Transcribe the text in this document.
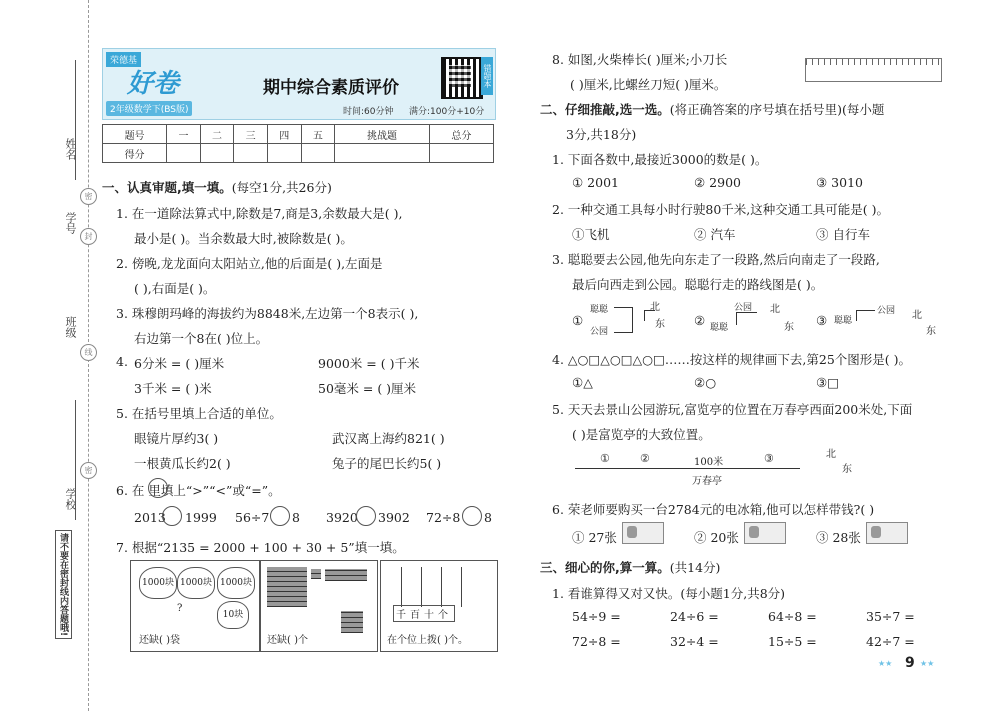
姓名
学号
班级
学校
密
封
线
密
请不要在密封线内答题哦!
荣德基
好卷
2年级数学下(BS版)
期中综合素质评价
时间:60分钟 满分:100分+10分
错题本
题号	一	二	三	四	五	挑战题	总分
得分							
一、认真审题,填一填。(每空1分,共26分)
1. 在一道除法算式中,除数是7,商是3,余数最大是( ),
最小是( )。当余数最大时,被除数是( )。
2. 傍晚,龙龙面向太阳站立,他的后面是( ),左面是
( ),右面是( )。
3. 珠穆朗玛峰的海拔约为8848米,左边第一个8表示( ),
右边第一个8在( )位上。
4. 6分米 = ( )厘米	9000米 = ( )千米
3千米 = ( )米	50毫米 = ( )厘米
5. 在括号里填上合适的单位。
眼镜片厚约3( )	武汉离上海约821( )
一根黄瓜长约2( )	兔子的尾巴长约5( )
6. 在 里填上“>”“<”或“=”。
2013 1999 56÷7 8 3920 3902 72÷8 8
7. 根据“2135 = 2000 + 100 + 30 + 5”填一填。
1000块 1000块 1000块
?
10块
还缺( )袋	还缺( )个
千百十个
在个位上拨( )个。
8. 如图,火柴棒长( )厘米;小刀长
( )厘米,比螺丝刀短( )厘米。
二、仔细推敲,选一选。(将正确答案的序号填在括号里)(每小题
3分,共18分)
1. 下面各数中,最接近3000的数是( )。
① 2001	② 2900	③ 3010
2. 一种交通工具每小时行驶80千米,这种交通工具可能是( )。
①飞机	② 汽车	③ 自行车
3. 聪聪要去公园,他先向东走了一段路,然后向南走了一段路,
最后向西走到公园。聪聪行走的路线图是( )。
①
聪聪
公园
北
东 ②
公园
聪聪
北
东 ③ 聪聪
公园 北
东
4. △○□△○□△○□……按这样的规律画下去,第25个图形是( )。
①△	②○	③□
5. 天天去景山公园游玩,富览亭的位置在万春亭西面200米处,下面
( )是富览亭的大致位置。
①	②	③
100米
万春亭
北
东
6. 荣老师要购买一台2784元的电冰箱,他可以怎样带钱?( )
① 27张	② 20张	③ 28张
三、细心的你,算一算。(共14分)
1. 看谁算得又对又快。(每小题1分,共8分)
54÷9 =	24÷6 =	64÷8 =	35÷7 =
72÷8 =	32÷4 =	15÷5 =	42÷7 =
★★ 9 ★★
